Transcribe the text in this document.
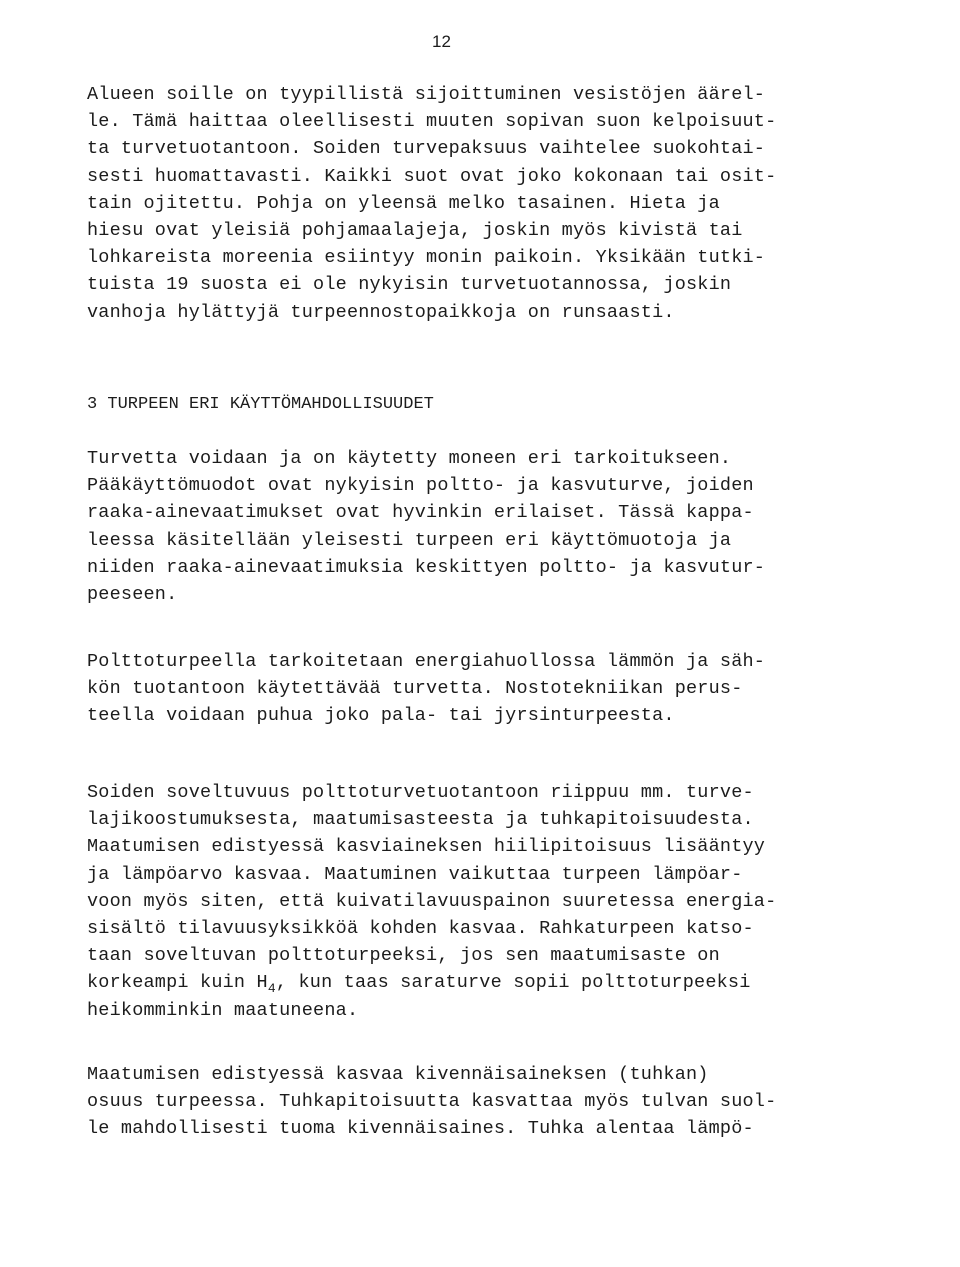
12
Alueen soille on tyypillistä sijoittuminen vesistöjen äärel-
le. Tämä haittaa oleellisesti muuten sopivan suon kelpoisuut-
ta turvetuotantoon. Soiden turvepaksuus vaihtelee suokohtai-
sesti huomattavasti. Kaikki suot ovat joko kokonaan tai osit-
tain ojitettu. Pohja on yleensä melko tasainen. Hieta ja
hiesu ovat yleisiä pohjamaalajeja, joskin myös kivistä tai
lohkareista moreenia esiintyy monin paikoin. Yksikään tutki-
tuista 19 suosta ei ole nykyisin turvetuotannossa, joskin
vanhoja hylättyjä turpeennostopaikkoja on runsaasti.
3 TURPEEN ERI KÄYTTÖMAHDOLLISUUDET
Turvetta voidaan ja on käytetty moneen eri tarkoitukseen.
Pääkäyttömuodot ovat nykyisin poltto- ja kasvuturve, joiden
raaka-ainevaatimukset ovat hyvinkin erilaiset. Tässä kappa-
leessa käsitellään yleisesti turpeen eri käyttömuotoja ja
niiden raaka-ainevaatimuksia keskittyen poltto- ja kasvutur-
peeseen.
Polttoturpeella tarkoitetaan energiahuollossa lämmön ja säh-
kön tuotantoon käytettävää turvetta. Nostotekniikan perus-
teella voidaan puhua joko pala- tai jyrsinturpeesta.
Soiden soveltuvuus polttoturvetuotantoon riippuu mm. turve-
lajikoostumuksesta, maatumisasteesta ja tuhkapitoisuudesta.
Maatumisen edistyessä kasviaineksen hiilipitoisuus lisääntyy
ja lämpöarvo kasvaa. Maatuminen vaikuttaa turpeen lämpöar-
voon myös siten, että kuivatilavuuspainon suuretessa energia-
sisältö tilavuusyksikköä kohden kasvaa. Rahkaturpeen katso-
taan soveltuvan polttoturpeeksi, jos sen maatumisaste on
korkeampi kuin $H_4$, kun taas saraturve sopii polttoturpeeksi
heikomminkin maatuneena.
Maatumisen edistyessä kasvaa kivennäisaineksen (tuhkan)
osuus turpeessa. Tuhkapitoisuutta kasvattaa myös tulvan suol-
le mahdollisesti tuoma kivennäisaines. Tuhka alentaa lämpö-
